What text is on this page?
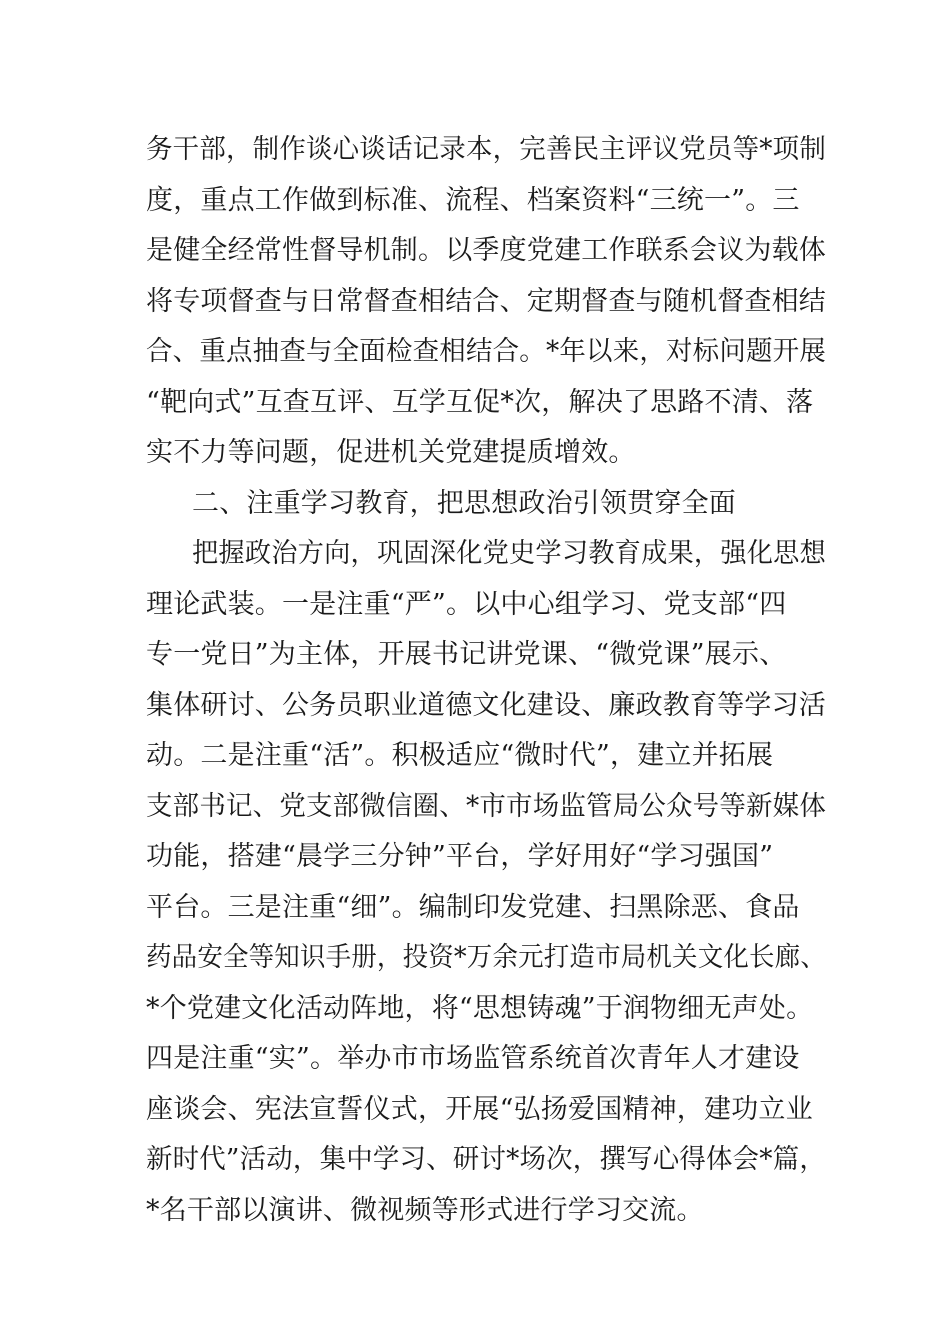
务干部，制作谈心谈话记录本，完善民主评议党员等*项制
度，重点工作做到标准、流程、档案资料“三统一”。三
是健全经常性督导机制。以季度党建工作联系会议为载体
将专项督查与日常督查相结合、定期督查与随机督查相结
合、重点抽查与全面检查相结合。*年以来，对标问题开展
“靶向式”互查互评、互学互促*次，解决了思路不清、落
实不力等问题，促进机关党建提质增效。
二、注重学习教育，把思想政治引领贯穿全面
把握政治方向，巩固深化党史学习教育成果，强化思想
理论武装。一是注重“严”。以中心组学习、党支部“四
专一党日”为主体，开展书记讲党课、“微党课”展示、
集体研讨、公务员职业道德文化建设、廉政教育等学习活
动。二是注重“活”。积极适应“微时代”，建立并拓展
支部书记、党支部微信圈、*市市场监管局公众号等新媒体
功能，搭建“晨学三分钟”平台，学好用好“学习强国”
平台。三是注重“细”。编制印发党建、扫黑除恶、食品
药品安全等知识手册，投资*万余元打造市局机关文化长廊、
*个党建文化活动阵地，将“思想铸魂”于润物细无声处。
四是注重“实”。举办市市场监管系统首次青年人才建设
座谈会、宪法宣誓仪式，开展“弘扬爱国精神，建功立业
新时代”活动，集中学习、研讨*场次，撰写心得体会*篇，
*名干部以演讲、微视频等形式进行学习交流。
